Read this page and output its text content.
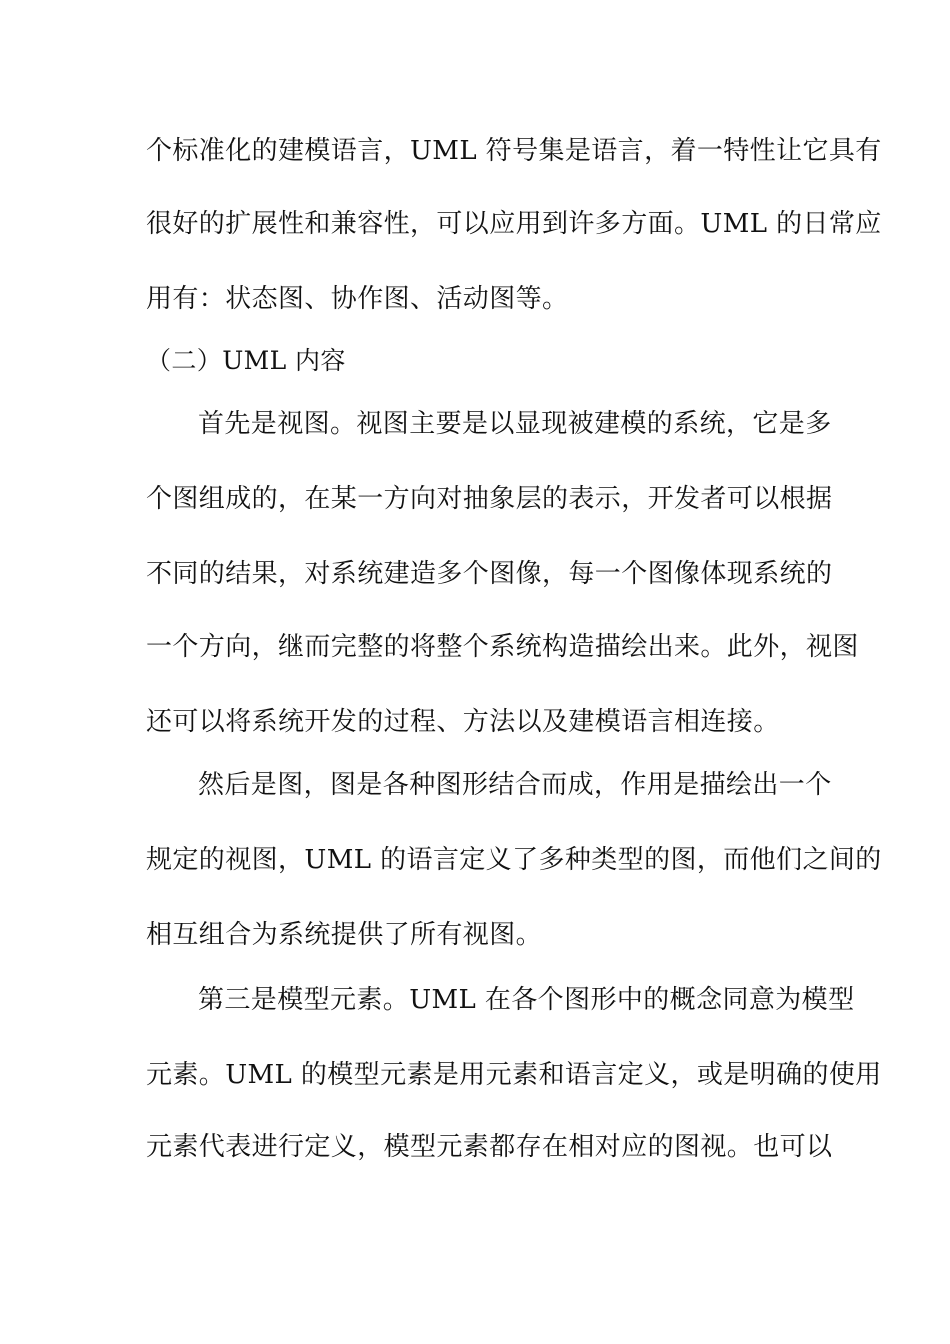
个标准化的建模语言，UML 符号集是语言，着一特性让它具有
很好的扩展性和兼容性，可以应用到许多方面。UML 的日常应
用有：状态图、协作图、活动图等。
（二）UML 内容
首先是视图。视图主要是以显现被建模的系统，它是多
个图组成的，在某一方向对抽象层的表示，开发者可以根据
不同的结果，对系统建造多个图像，每一个图像体现系统的
一个方向，继而完整的将整个系统构造描绘出来。此外，视图
还可以将系统开发的过程、方法以及建模语言相连接。
然后是图，图是各种图形结合而成，作用是描绘出一个
规定的视图，UML 的语言定义了多种类型的图，而他们之间的
相互组合为系统提供了所有视图。
第三是模型元素。UML 在各个图形中的概念同意为模型
元素。UML 的模型元素是用元素和语言定义，或是明确的使用
元素代表进行定义，模型元素都存在相对应的图视。也可以
